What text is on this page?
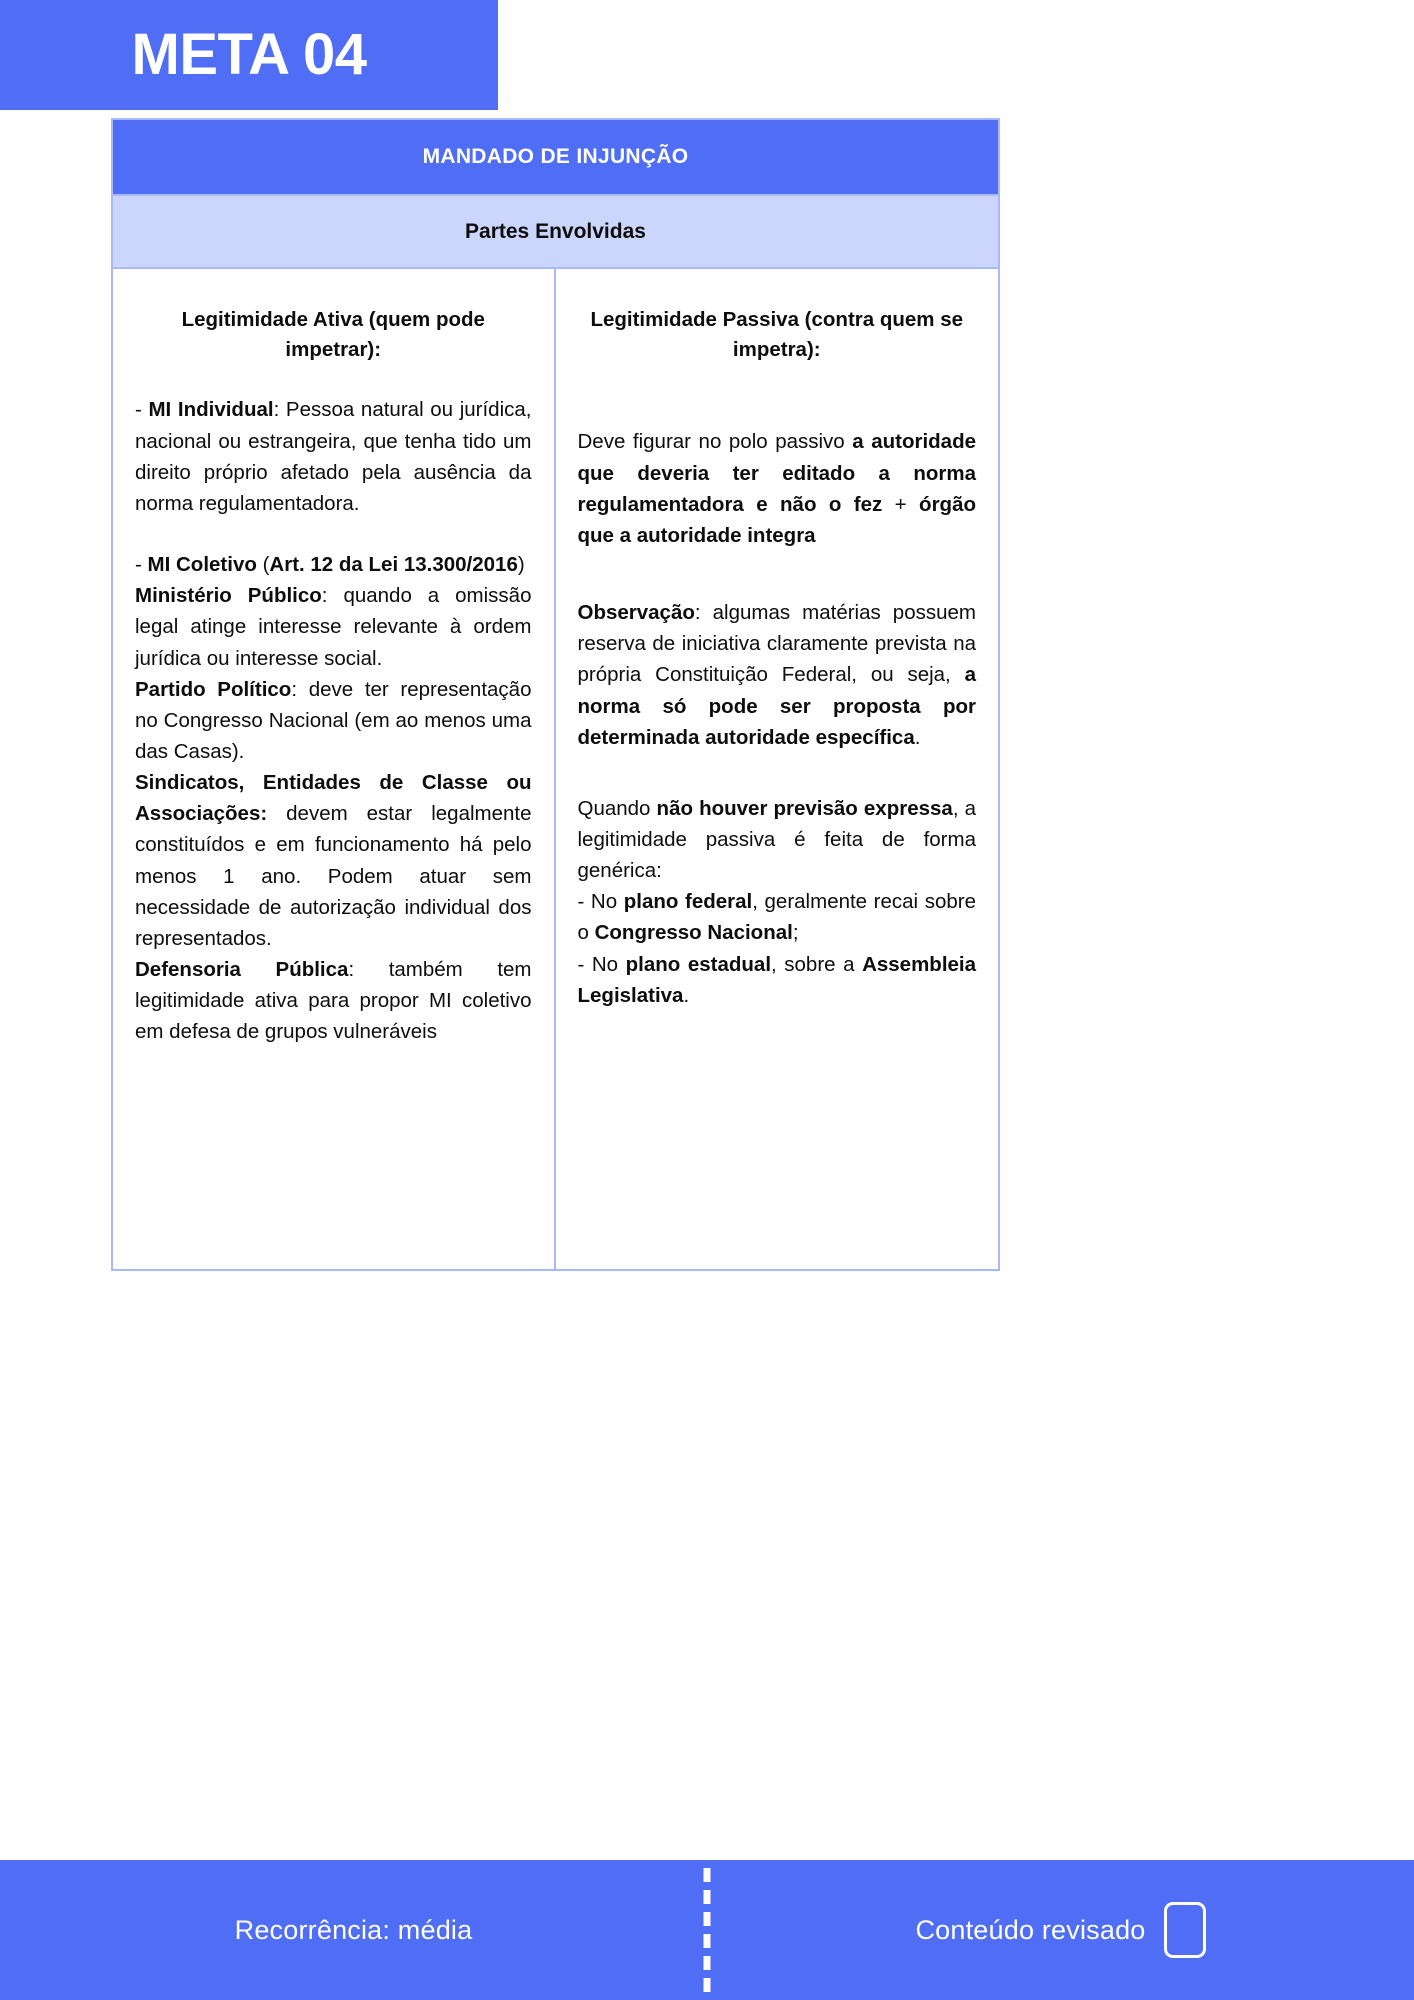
META 04
MANDADO DE INJUNÇÃO
Partes Envolvidas
Legitimidade Ativa (quem pode impetrar):

- MI Individual: Pessoa natural ou jurídica, nacional ou estrangeira, que tenha tido um direito próprio afetado pela ausência da norma regulamentadora.

- MI Coletivo (Art. 12 da Lei 13.300/2016)
Ministério Público: quando a omissão legal atinge interesse relevante à ordem jurídica ou interesse social.
Partido Político: deve ter representação no Congresso Nacional (em ao menos uma das Casas).
Sindicatos, Entidades de Classe ou Associações: devem estar legalmente constituídos e em funcionamento há pelo menos 1 ano. Podem atuar sem necessidade de autorização individual dos representados.
Defensoria Pública: também tem legitimidade ativa para propor MI coletivo em defesa de grupos vulneráveis

Legitimidade Passiva (contra quem se impetra):

Deve figurar no polo passivo a autoridade que deveria ter editado a norma regulamentadora e não o fez + órgão que a autoridade integra

Observação: algumas matérias possuem reserva de iniciativa claramente prevista na própria Constituição Federal, ou seja, a norma só pode ser proposta por determinada autoridade específica.

Quando não houver previsão expressa, a legitimidade passiva é feita de forma genérica:
- No plano federal, geralmente recai sobre o Congresso Nacional;
- No plano estadual, sobre a Assembleia Legislativa.

Recorrência: média	Conteúdo revisado
